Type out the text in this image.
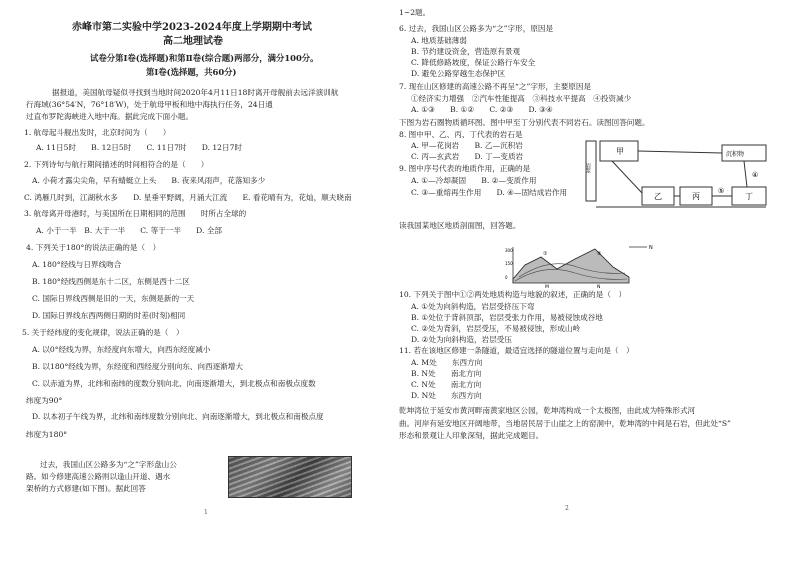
赤峰市第二实验中学2023-2024年度上学期期中考试
高二地理试卷
试卷分第Ⅰ卷(选择题)和第Ⅱ卷(综合题)两部分，满分100分。
第Ⅰ卷(选择题，共60分)
据报道，美国航母疑似寻找到当地时间2020年4月11日18时离开母舰前去远洋演训航
行海域(36°54′N，76°18′W)，处于航母甲板和地中海执行任务，24日通
过直布罗陀海峡进入地中海。据此完成下面小题。
1. 航母起斗舰出发时，北京时间为（　　）
A. 11日5时　　B. 12日5时　　C. 11日7时　　D. 12日7时
2. 下列诗句与航行期间描述的时间相符合的是（　　）
A. 小荷才露尖尖角，早有蜻蜓立上头　　B. 夜来风雨声，花落知多少
C. 鸿雁几时到，江湖秋水多　　D. 星垂平野阔，月涌大江流　　E. 看花晴有为，花灿，顺夫晓南
3. 航母离开母港时，与美国所在日期相同的范围　　时所占全球的
A. 小于一半　B. 大于一半　　C. 等于一半　　D. 全部
4. 下列关于180°的说法正确的是（　）
A. 180°经线与日界线吻合
B. 180°经线西侧是东十二区，东侧是西十二区
C. 国际日界线西侧是旧的一天，东侧是新的一天
D. 国际日界线东西两侧日期的时差(时刻)相同
5. 关于经纬度的变化规律，说法正确的是（　）
A. 以0°经线为界，东经度向东增大，向西东经度减小
B. 以180°经线为界，东经度和西经度分别向东、向西逐渐增大
C. 以赤道为界，北纬和南纬的度数分别向北、向南逐渐增大，到北极点和南极点度数
纬度为90°
D. 以本初子午线为界，北纬和南纬度数分别向北、向南逐渐增大，到北极点和南极点度
纬度为180°
过去，我国山区公路多为“之”字形盘山公
路。如今修建高速公路则以逢山开道、遇水
架桥的方式修建(如下图)。据此回答
1
1~2题。
6. 过去，我国山区公路多为“之”字形，原因是
A. 地质基础薄弱
B. 节约建设资金，营造原有景观
C. 降低修路坡度，保证公路行车安全
D. 避免公路穿越生态保护区
7. 现在山区修建的高速公路不再呈“之”字形，主要原因是
①经济实力增强　②汽车性能提高　③科技水平提高　④投资减少
A. ①③　　B. ①②　　C. ②③　　D. ③④
下图为岩石圈物质循环图。图中甲至丁分别代表不同岩石。读图回答问题。
8. 图中甲、乙、丙、丁代表的岩石是
A. 甲—花岗岩　　B. 乙—沉积岩
C. 丙—玄武岩　　D. 丁—变质岩
9. 图中序号代表的地质作用，正确的是
A. ①—冷却凝固　　B. ②—变质作用
C. ③—重熔再生作用　　D. ④—固结成岩作用
读我国某地区地质剖面图，回答题。
10. 下列关于图中①②两处地质构造与地貌的叙述，正确的是（　）
A. ①处为向斜构造，岩层受挤压下弯
B. ①处位于背斜顶部，岩层受张力作用，易被侵蚀成谷地
C. ②处为背斜，岩层受压，不易被侵蚀，形成山岭
D. ②处为向斜构造，岩层受压
11. 若在该地区修建一条隧道，最适宜选择的隧道位置与走向是（　）
A. M处　　东西方向
B. N处　　南北方向
C. N处　　南北方向
D. N处　　东西方向
乾坤湾位于延安市黄河畔南黄家地区公园，乾坤湾构成一个太极图，由此成为特殊形式河
曲。河岸有延安地区开阔地带，当地居民居于山崖之上的窑洞中，乾坤湾的中间是石岩，但此处“S”
形态和景观让人印象深刻，据此完成题目。
甲
乙	丙	丁
岩浆
沉积物
④
⑤
300
150
0
N
①	②
M	N
2
